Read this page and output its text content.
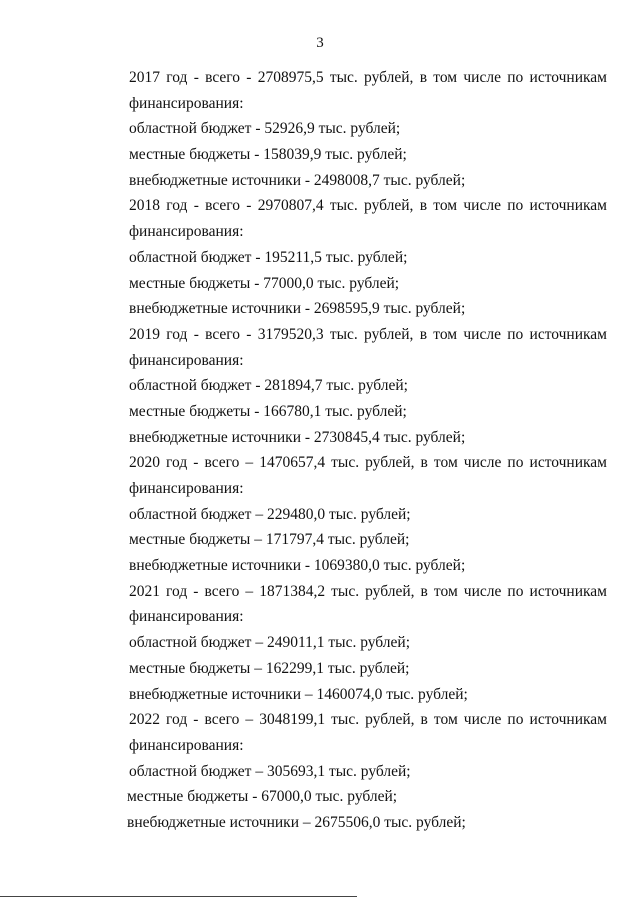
3
2017 год - всего - 2708975,5 тыс. рублей, в том числе по источникам
финансирования:
областной бюджет - 52926,9 тыс. рублей;
местные бюджеты - 158039,9 тыс. рублей;
внебюджетные источники - 2498008,7 тыс. рублей;
2018 год - всего - 2970807,4 тыс. рублей, в том числе по источникам
финансирования:
областной бюджет - 195211,5 тыс. рублей;
местные бюджеты - 77000,0 тыс. рублей;
внебюджетные источники - 2698595,9 тыс. рублей;
2019 год - всего - 3179520,3 тыс. рублей, в том числе по источникам
финансирования:
областной бюджет - 281894,7 тыс. рублей;
местные бюджеты - 166780,1 тыс. рублей;
внебюджетные источники - 2730845,4 тыс. рублей;
2020 год - всего – 1470657,4 тыс. рублей, в том числе по источникам
финансирования:
областной бюджет – 229480,0 тыс. рублей;
местные бюджеты – 171797,4 тыс. рублей;
внебюджетные источники - 1069380,0 тыс. рублей;
2021 год - всего – 1871384,2 тыс. рублей, в том числе по источникам
финансирования:
областной бюджет – 249011,1 тыс. рублей;
местные бюджеты – 162299,1 тыс. рублей;
внебюджетные источники – 1460074,0 тыс. рублей;
2022 год - всего – 3048199,1 тыс. рублей, в том числе по источникам
финансирования:
областной бюджет – 305693,1 тыс. рублей;
местные бюджеты - 67000,0 тыс. рублей;
внебюджетные источники – 2675506,0 тыс. рублей;
